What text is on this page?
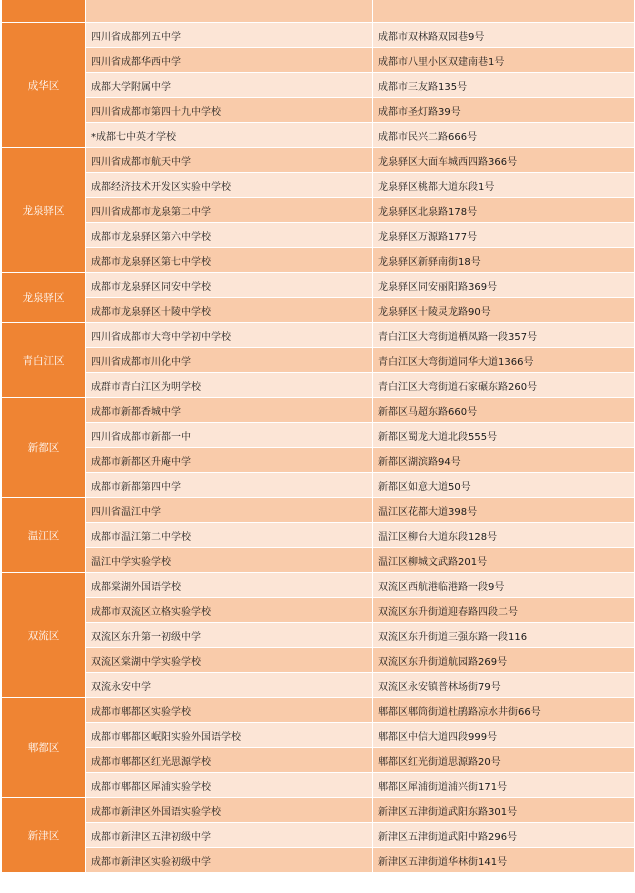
成华区	四川省成都列五中学	成都市双林路双园巷9号
	四川省成都华西中学	成都市八里小区双建南巷1号
	成都大学附属中学	成都市三友路135号
	四川省成都市第四十九中学校	成都市圣灯路39号
	*成都七中英才学校	成都市民兴二路666号
龙泉驿区	四川省成都市航天中学	龙泉驿区大面车城西四路366号
	成都经济技术开发区实验中学校	龙泉驿区桃都大道东段1号
	四川省成都市龙泉第二中学	龙泉驿区北泉路178号
	成都市龙泉驿区第六中学校	龙泉驿区万源路177号
	成都市龙泉驿区第七中学校	龙泉驿区新驿南街18号
龙泉驿区	成都市龙泉驿区同安中学校	龙泉驿区同安丽阳路369号
	成都市龙泉驿区十陵中学校	龙泉驿区十陵灵龙路90号
青白江区	四川省成都市大弯中学初中学校	青白江区大弯街道栖凤路一段357号
	四川省成都市川化中学	青白江区大弯街道同华大道1366号
	成群市青白江区为明学校	青白江区大弯街道石家碾东路260号
新都区	成都市新都香城中学	新都区马超东路660号
	四川省成都市新都一中	新都区蜀龙大道北段555号
	成都市新都区升庵中学	新都区湖滨路94号
	成都市新都第四中学	新都区如意大道50号
温江区	四川省温江中学	温江区花都大道398号
	成都市温江第二中学校	温江区柳台大道东段128号
	温江中学实验学校	温江区柳城文武路201号
双流区	成都棠湖外国语学校	双流区西航港临港路一段9号
	成都市双流区立格实验学校	双流区东升街道迎春路四段二号
	双流区东升第一初级中学	双流区东升街道三强东路一段116
	双流区棠湖中学实验学校	双流区东升街道航园路269号
	双流永安中学	双流区永安镇普林场街79号
郫都区	成都市郫都区实验学校	郫都区郫筒街道杜鹃路凉水井街66号
	成都市郫都区岷阳实验外国语学校	郫都区中信大道四段999号
	成都市郫都区红光思源学校	郫都区红光街道思源路20号
	成都市郫都区犀浦实验学校	郫都区犀浦街道浦兴街171号
新津区	成都市新津区外国语实验学校	新津区五津街道武阳东路301号
	成都市新津区五津初级中学	新津区五津街道武阳中路296号
	成都市新津区实验初级中学	新津区五津街道华林街141号
